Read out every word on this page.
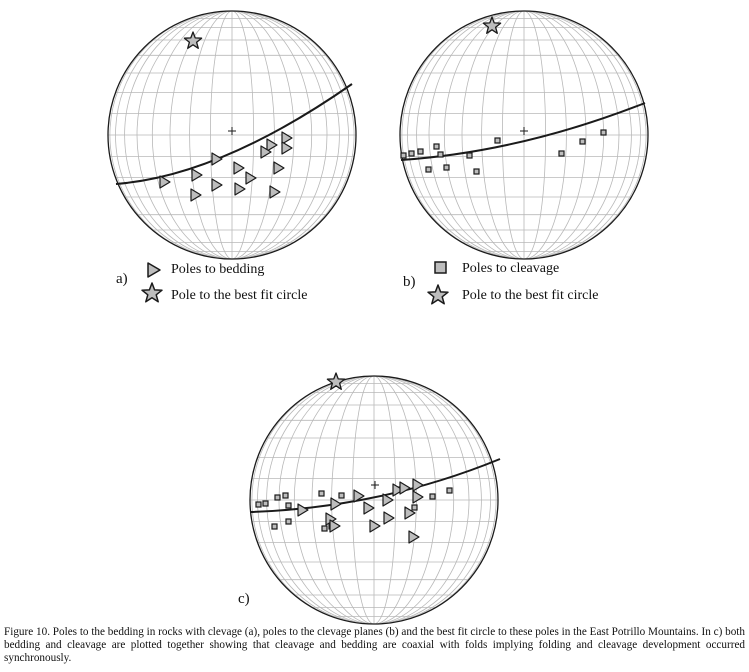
a)
Poles to bedding
Pole to the best fit circle
b)
Poles to cleavage
Pole to the best fit circle
c)
Figure 10. Poles to the bedding in rocks with clevage (a), poles to the clevage planes (b) and the best fit circle to these poles in the East Potrillo Mountains. In c) both bedding and cleavage are plotted together showing that cleavage and bedding are coaxial with folds implying folding and cleavage development occurred synchronously.
